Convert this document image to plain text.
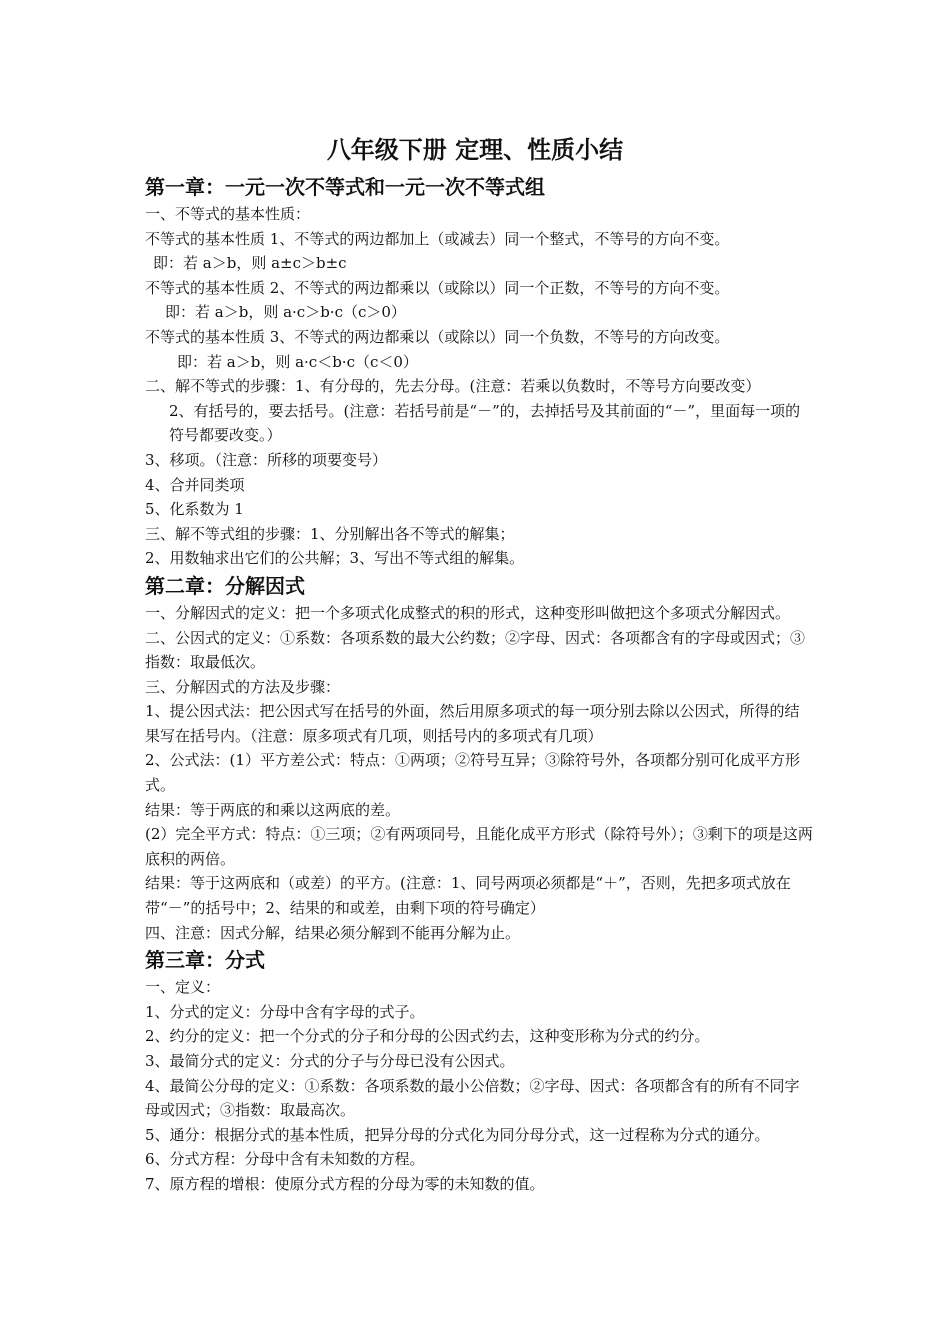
八年级下册 定理、性质小结
第一章：一元一次不等式和一元一次不等式组
一、不等式的基本性质：
不等式的基本性质 1、不等式的两边都加上（或减去）同一个整式，不等号的方向不变。
即：若 a＞b，则 a±c＞b±c
不等式的基本性质 2、不等式的两边都乘以（或除以）同一个正数，不等号的方向不变。
即：若 a＞b，则 a·c＞b·c（c＞0）
不等式的基本性质 3、不等式的两边都乘以（或除以）同一个负数，不等号的方向改变。
即：若 a＞b，则 a·c＜b·c（c＜0）
二、解不等式的步骤：1、有分母的，先去分母。(注意：若乘以负数时，不等号方向要改变）
2、有括号的，要去括号。(注意：若括号前是“－”的，去掉括号及其前面的“－”，里面每一项的符号都要改变。）
3、移项。（注意：所移的项要变号）
4、合并同类项
5、化系数为 1
三、解不等式组的步骤：1、分别解出各不等式的解集；
2、用数轴求出它们的公共解；3、写出不等式组的解集。
第二章：分解因式
一、分解因式的定义：把一个多项式化成整式的积的形式，这种变形叫做把这个多项式分解因式。
二、公因式的定义：①系数：各项系数的最大公约数；②字母、因式：各项都含有的字母或因式；③指数：取最低次。
三、分解因式的方法及步骤：
1、提公因式法：把公因式写在括号的外面，然后用原多项式的每一项分别去除以公因式，所得的结果写在括号内。（注意：原多项式有几项，则括号内的多项式有几项）
2、公式法：(1）平方差公式：特点：①两项；②符号互异；③除符号外，各项都分别可化成平方形式。
结果：等于两底的和乘以这两底的差。
(2）完全平方式：特点：①三项；②有两项同号，且能化成平方形式（除符号外）；③剩下的项是这两底积的两倍。
结果：等于这两底和（或差）的平方。(注意：1、同号两项必须都是“＋”，否则，先把多项式放在带“－”的括号中；2、结果的和或差，由剩下项的符号确定）
四、注意：因式分解，结果必须分解到不能再分解为止。
第三章：分式
一、定义：
1、分式的定义：分母中含有字母的式子。
2、约分的定义：把一个分式的分子和分母的公因式约去，这种变形称为分式的约分。
3、最简分式的定义：分式的分子与分母已没有公因式。
4、最简公分母的定义：①系数：各项系数的最小公倍数；②字母、因式：各项都含有的所有不同字母或因式；③指数：取最高次。
5、通分：根据分式的基本性质，把异分母的分式化为同分母分式，这一过程称为分式的通分。
6、分式方程：分母中含有未知数的方程。
7、原方程的增根：使原分式方程的分母为零的未知数的值。
